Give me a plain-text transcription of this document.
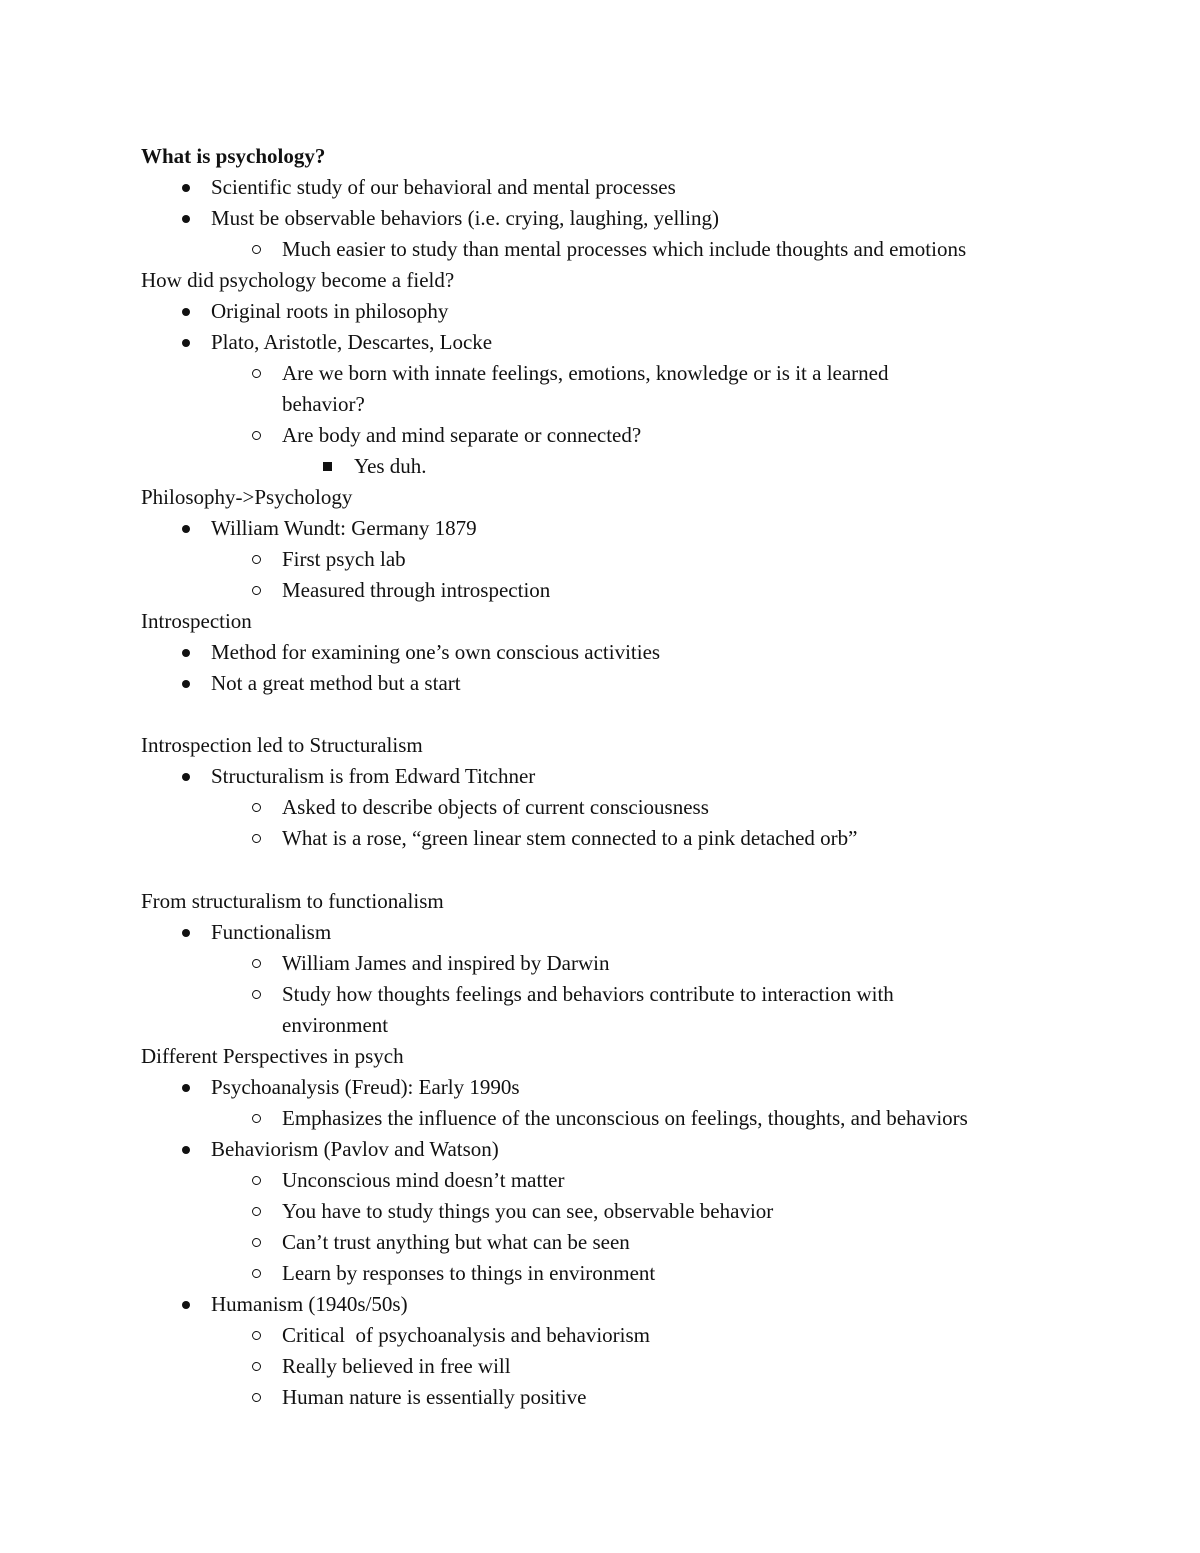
What is psychology?
Scientific study of our behavioral and mental processes
Must be observable behaviors (i.e. crying, laughing, yelling)
Much easier to study than mental processes which include thoughts and emotions
How did psychology become a field?
Original roots in philosophy
Plato, Aristotle, Descartes, Locke
Are we born with innate feelings, emotions, knowledge or is it a learned
behavior?
Are body and mind separate or connected?
Yes duh.
Philosophy->Psychology
William Wundt: Germany 1879
First psych lab
Measured through introspection
Introspection
Method for examining one’s own conscious activities
Not a great method but a start
Introspection led to Structuralism
Structuralism is from Edward Titchner
Asked to describe objects of current consciousness
What is a rose, “green linear stem connected to a pink detached orb”
From structuralism to functionalism
Functionalism
William James and inspired by Darwin
Study how thoughts feelings and behaviors contribute to interaction with
environment
Different Perspectives in psych
Psychoanalysis (Freud): Early 1990s
Emphasizes the influence of the unconscious on feelings, thoughts, and behaviors
Behaviorism (Pavlov and Watson)
Unconscious mind doesn’t matter
You have to study things you can see, observable behavior
Can’t trust anything but what can be seen
Learn by responses to things in environment
Humanism (1940s/50s)
Critical  of psychoanalysis and behaviorism
Really believed in free will
Human nature is essentially positive
